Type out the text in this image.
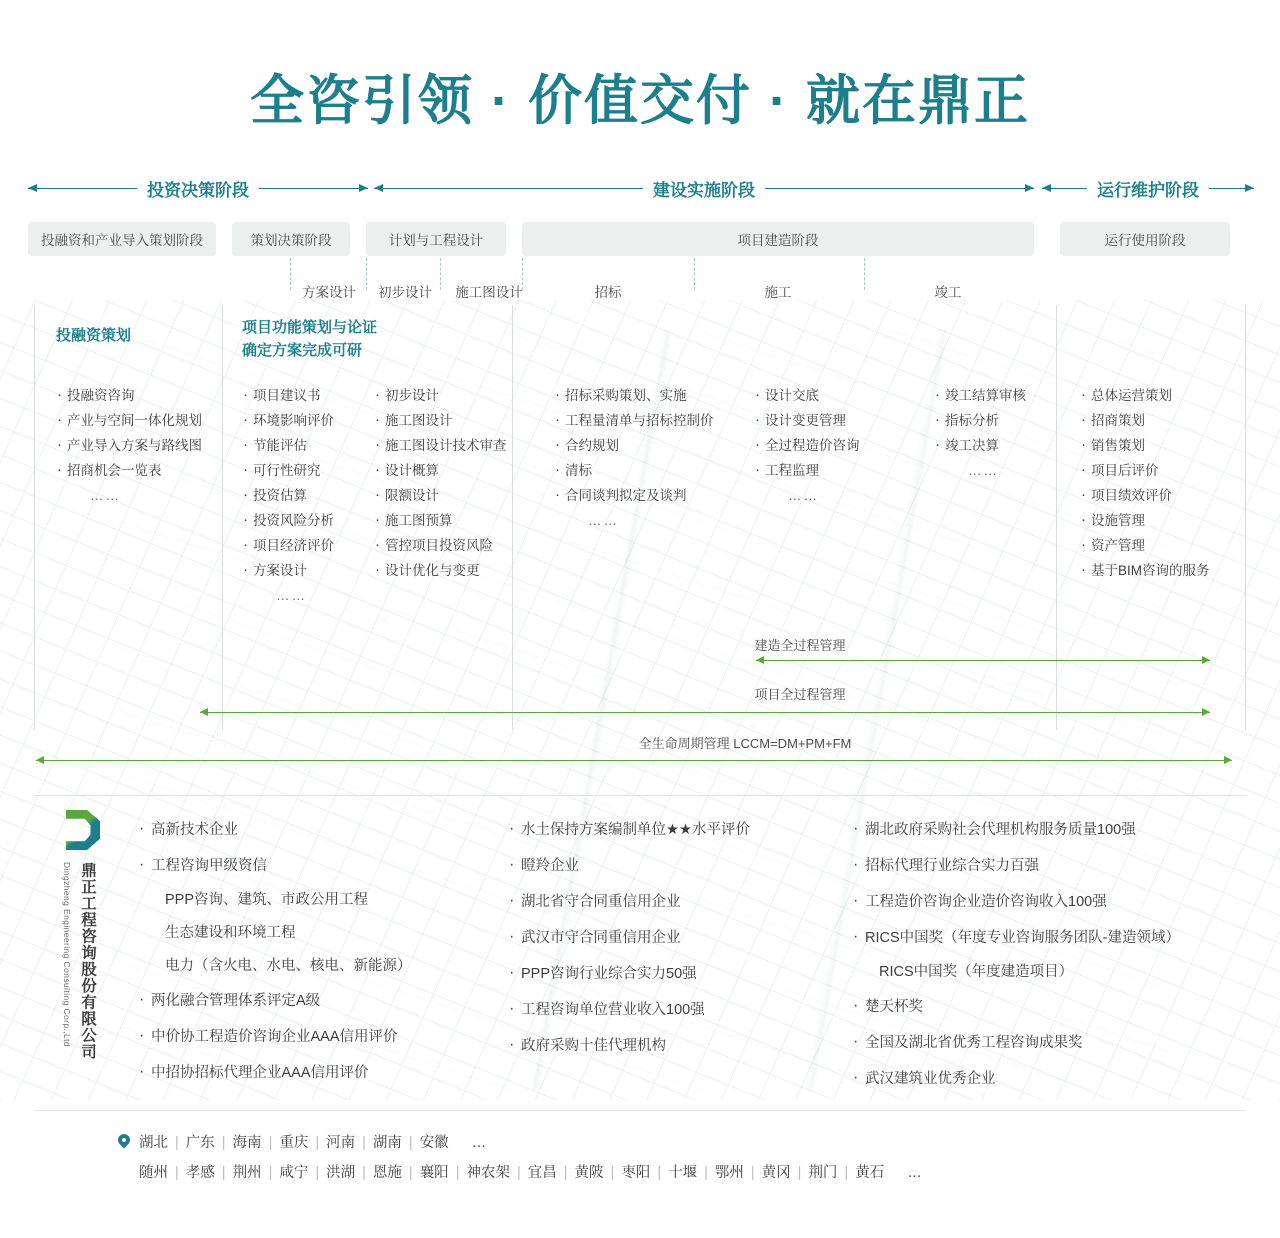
全咨引领 · 价值交付 · 就在鼎正
投资决策阶段	建设实施阶段	运行维护阶段
投融资和产业导入策划阶段	策划决策阶段	计划与工程设计	项目建造阶段	运行使用阶段
方案设计	初步设计	施工图设计	招标	施工	竣工
投融资策划
· 投融资咨询
· 产业与空间一体化规划
· 产业导入方案与路线图
· 招商机会一览表
……
项目功能策划与论证
确定方案完成可研
· 项目建议书
· 环境影响评价
· 节能评估
· 可行性研究
· 投资估算
· 投资风险分析
· 项目经济评价
· 方案设计
……
· 初步设计
· 施工图设计
· 施工图设计技术审查
· 设计概算
· 限额设计
· 施工图预算
· 管控项目投资风险
· 设计优化与变更
· 招标采购策划、实施
· 工程量清单与招标控制价
· 合约规划
· 清标
· 合同谈判拟定及谈判
……
· 设计交底
· 设计变更管理
· 全过程造价咨询
· 工程监理
……
· 竣工结算审核
· 指标分析
· 竣工决算
……
· 总体运营策划
· 招商策划
· 销售策划
· 项目后评价
· 项目绩效评价
· 设施管理
· 资产管理
· 基于BIM咨询的服务
建造全过程管理
项目全过程管理
全生命周期管理 LCCM=DM+PM+FM
鼎正工程咨询股份有限公司
Dingzheng Engineering Consulting Corp.,Ltd
· 高新技术企业
· 工程咨询甲级资信
PPP咨询、建筑、市政公用工程
生态建设和环境工程
电力（含火电、水电、核电、新能源）
· 两化融合管理体系评定A级
· 中价协工程造价咨询企业AAA信用评价
· 中招协招标代理企业AAA信用评价
· 水土保持方案编制单位★★水平评价
· 瞪羚企业
· 湖北省守合同重信用企业
· 武汉市守合同重信用企业
· PPP咨询行业综合实力50强
· 工程咨询单位营业收入100强
· 政府采购十佳代理机构
· 湖北政府采购社会代理机构服务质量100强
· 招标代理行业综合实力百强
· 工程造价咨询企业造价咨询收入100强
· RICS中国奖（年度专业咨询服务团队-建造领域）
RICS中国奖（年度建造项目）
· 楚天杯奖
· 全国及湖北省优秀工程咨询成果奖
· 武汉建筑业优秀企业
湖北 | 广东 | 海南 | 重庆 | 河南 | 湖南 | 安徽 …
随州 | 孝感 | 荆州 | 咸宁 | 洪湖 | 恩施 | 襄阳 | 神农架 | 宜昌 | 黄陂 | 枣阳 | 十堰 | 鄂州 | 黄冈 | 荆门 | 黄石 …
